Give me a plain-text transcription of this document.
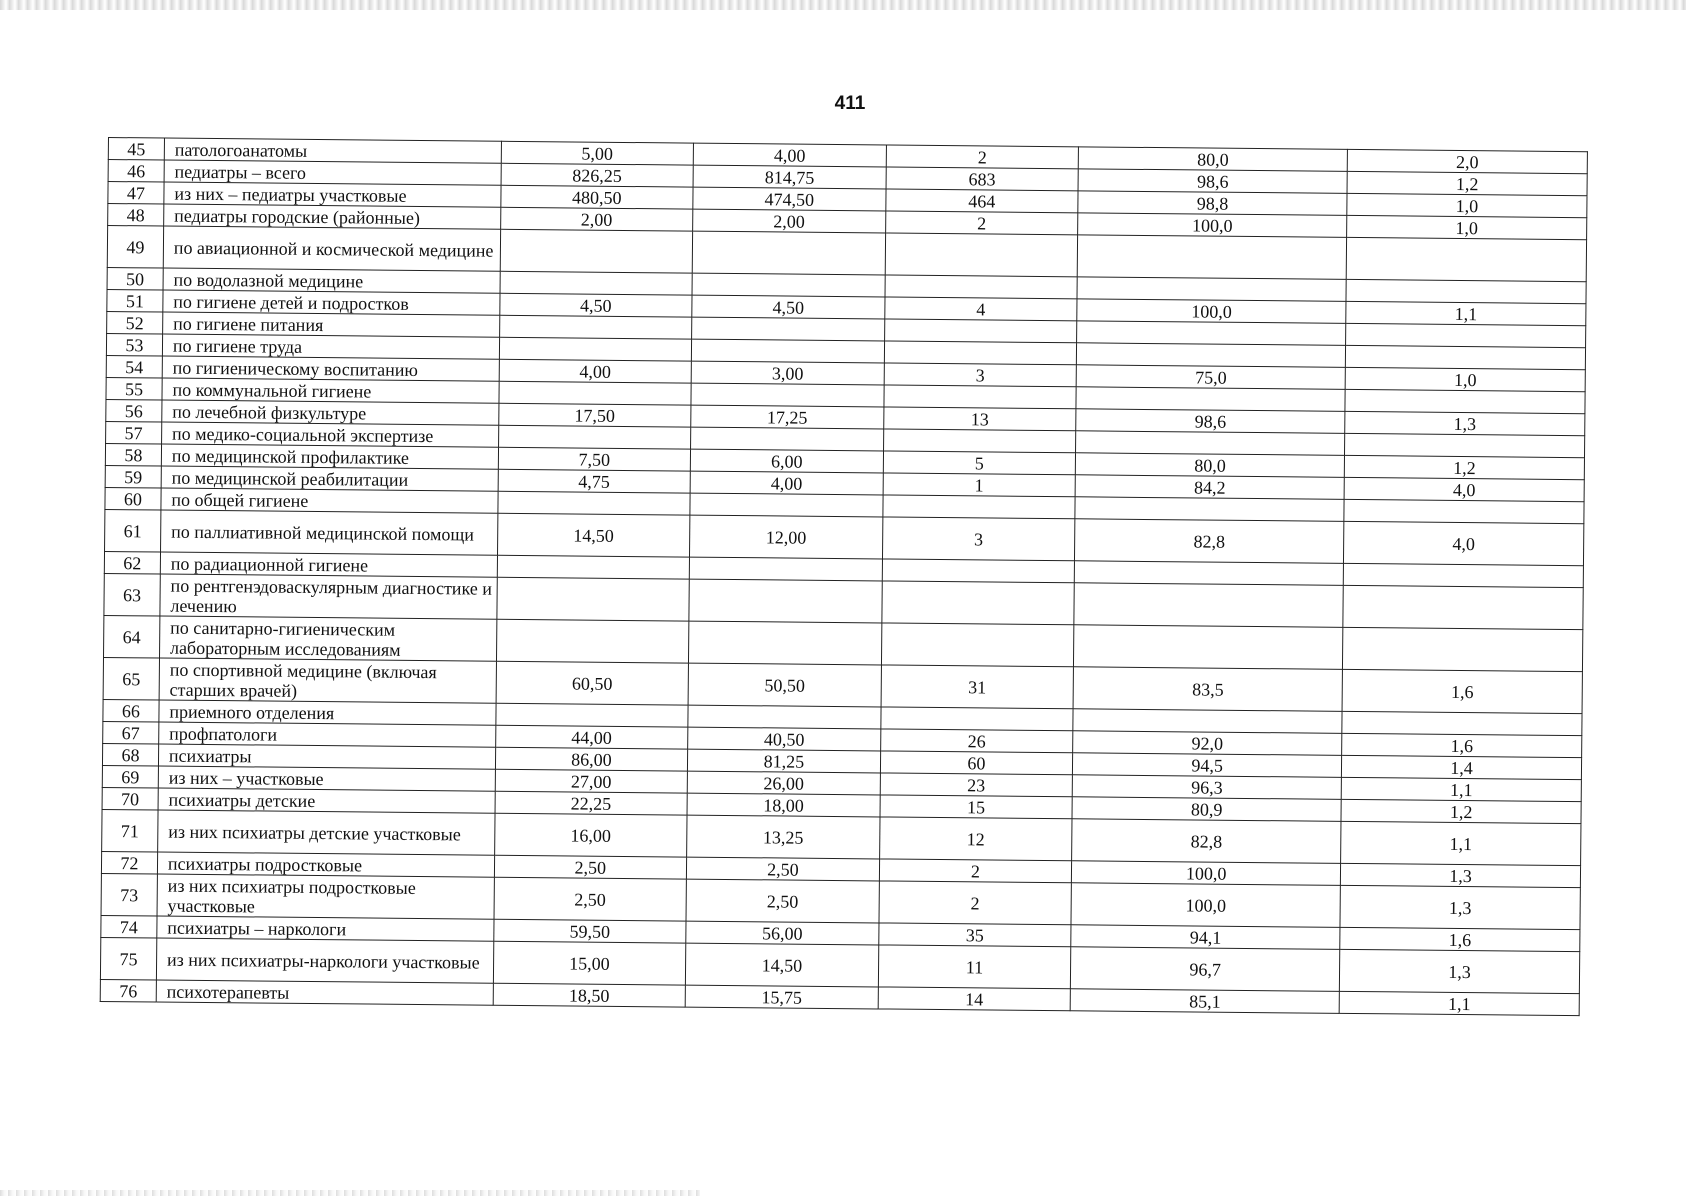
411
45	патологоанатомы	5,00	4,00	2	80,0	2,0
46	педиатры – всего	826,25	814,75	683	98,6	1,2
47	из них – педиатры участковые	480,50	474,50	464	98,8	1,0
48	педиатры городские (районные)	2,00	2,00	2	100,0	1,0
49	по авиационной и космической медицине					
50	по водолазной медицине					
51	по гигиене детей и подростков	4,50	4,50	4	100,0	1,1
52	по гигиене питания					
53	по гигиене труда					
54	по гигиеническому воспитанию	4,00	3,00	3	75,0	1,0
55	по коммунальной гигиене					
56	по лечебной физкультуре	17,50	17,25	13	98,6	1,3
57	по медико-социальной экспертизе					
58	по медицинской профилактике	7,50	6,00	5	80,0	1,2
59	по медицинской реабилитации	4,75	4,00	1	84,2	4,0
60	по общей гигиене					
61	по паллиативной медицинской помощи	14,50	12,00	3	82,8	4,0
62	по радиационной гигиене					
63	по рентгенэдоваскулярным диагностике и лечению					
64	по санитарно-гигиеническим лабораторным исследованиям					
65	по спортивной медицине (включая старших врачей)	60,50	50,50	31	83,5	1,6
66	приемного отделения					
67	профпатологи	44,00	40,50	26	92,0	1,6
68	психиатры	86,00	81,25	60	94,5	1,4
69	из них – участковые	27,00	26,00	23	96,3	1,1
70	психиатры детские	22,25	18,00	15	80,9	1,2
71	из них психиатры детские участковые	16,00	13,25	12	82,8	1,1
72	психиатры подростковые	2,50	2,50	2	100,0	1,3
73	из них психиатры подростковые участковые	2,50	2,50	2	100,0	1,3
74	психиатры – наркологи	59,50	56,00	35	94,1	1,6
75	из них психиатры-наркологи участковые	15,00	14,50	11	96,7	1,3
76	психотерапевты	18,50	15,75	14	85,1	1,1
